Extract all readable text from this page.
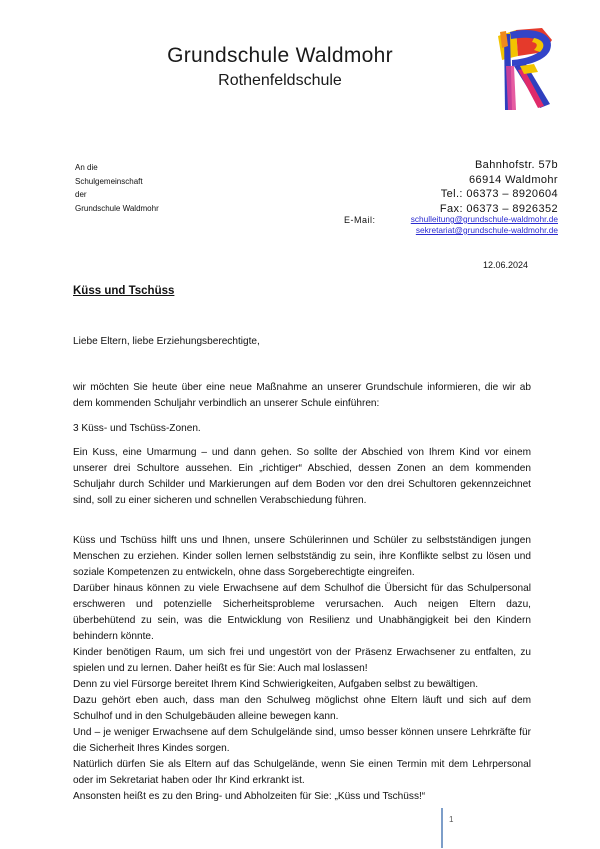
Grundschule Waldmohr
Rothenfeldschule
An die
Schulgemeinschaft
der
Grundschule Waldmohr
Bahnhofstr. 57b
66914 Waldmohr
Tel.: 06373 – 8920604
Fax: 06373 – 8926352
E-Mail:	schulleitung@grundschule-waldmohr.de
sekretariat@grundschule-waldmohr.de
12.06.2024
Küss und Tschüss
Liebe Eltern, liebe Erziehungsberechtigte,
wir möchten Sie heute über eine neue Maßnahme an unserer Grundschule informieren, die wir ab dem kommenden Schuljahr verbindlich an unserer Schule einführen:
3 Küss- und Tschüss-Zonen.
Ein Kuss, eine Umarmung – und dann gehen. So sollte der Abschied von Ihrem Kind vor einem unserer drei Schultore aussehen. Ein „richtiger“ Abschied, dessen Zonen an dem kommenden Schuljahr durch Schilder und Markierungen auf dem Boden vor den drei Schultoren gekennzeichnet sind, soll zu einer sicheren und schnellen Verabschiedung führen.

Küss und Tschüss hilft uns und Ihnen, unsere Schülerinnen und Schüler zu selbstständigen jungen Menschen zu erziehen. Kinder sollen lernen selbstständig zu sein, ihre Konflikte selbst zu lösen und soziale Kompetenzen zu entwickeln, ohne dass Sorgeberechtigte eingreifen.

Darüber hinaus können zu viele Erwachsene auf dem Schulhof die Übersicht für das Schulpersonal erschweren und potenzielle Sicherheitsprobleme verursachen. Auch neigen Eltern dazu, überbehütend zu sein, was die Entwicklung von Resilienz und Unabhängigkeit bei den Kindern behindern könnte.

Kinder benötigen Raum, um sich frei und ungestört von der Präsenz Erwachsener zu entfalten, zu spielen und zu lernen. Daher heißt es für Sie: Auch mal loslassen!

Denn zu viel Fürsorge bereitet Ihrem Kind Schwierigkeiten, Aufgaben selbst zu bewältigen.

Dazu gehört eben auch, dass man den Schulweg möglichst ohne Eltern läuft und sich auf dem Schulhof und in den Schulgebäuden alleine bewegen kann.

Und – je weniger Erwachsene auf dem Schulgelände sind, umso besser können unsere Lehrkräfte für die Sicherheit Ihres Kindes sorgen.

Natürlich dürfen Sie als Eltern auf das Schulgelände, wenn Sie einen Termin mit dem Lehrpersonal oder im Sekretariat haben oder Ihr Kind erkrankt ist.

Ansonsten heißt es zu den Bring- und Abholzeiten für Sie: „Küss und Tschüss!“

1
